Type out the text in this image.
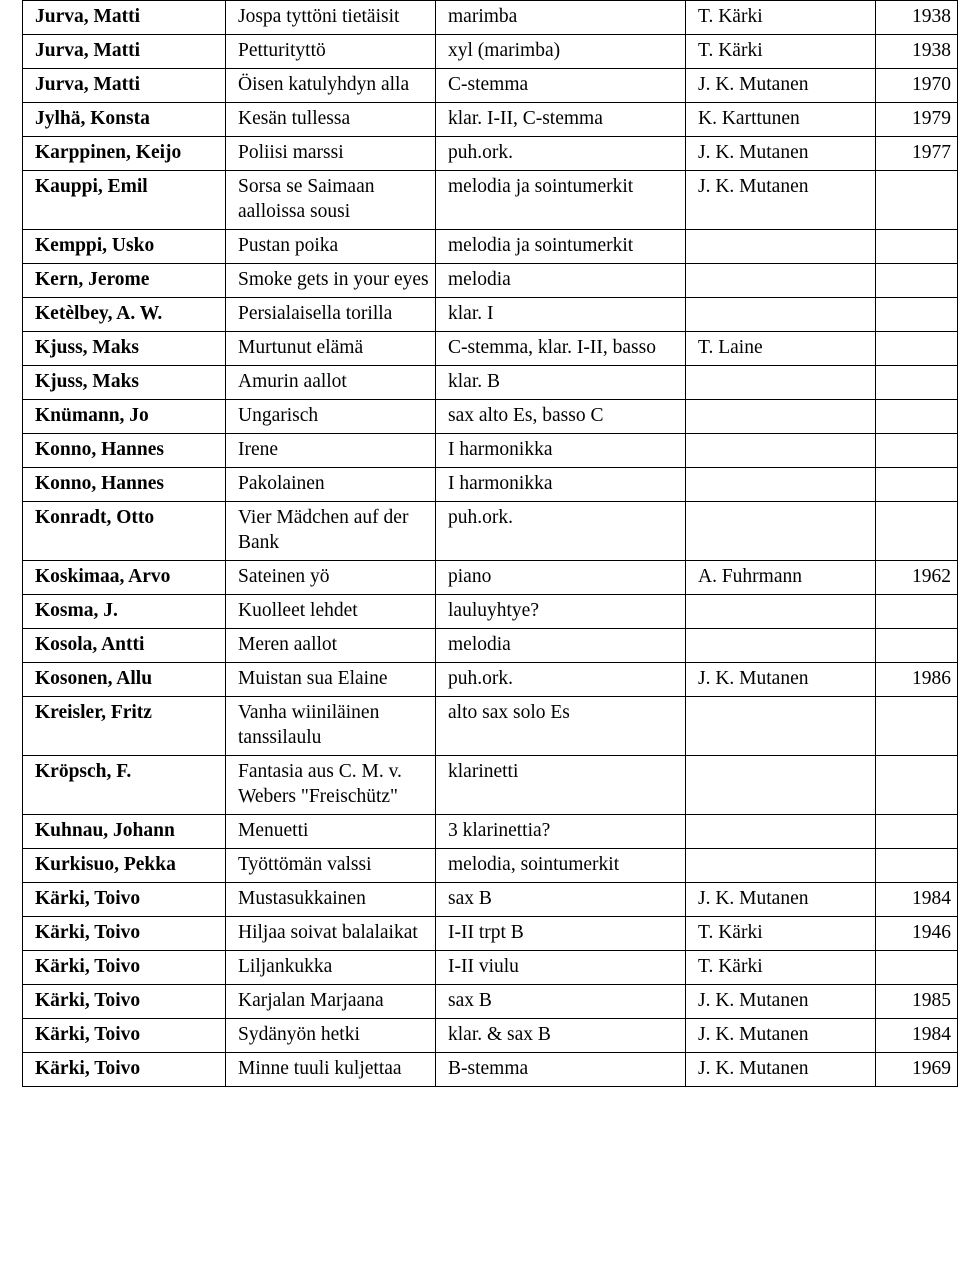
Jurva, Matti	Jospa tyttöni tietäisit	marimba	T. Kärki	1938
Jurva, Matti	Petturityttö	xyl (marimba)	T. Kärki	1938
Jurva, Matti	Öisen katulyhdyn alla	C-stemma	J. K. Mutanen	1970
Jylhä, Konsta	Kesän tullessa	klar. I-II, C-stemma	K. Karttunen	1979
Karppinen, Keijo	Poliisi marssi	puh.ork.	J. K. Mutanen	1977
Kauppi, Emil	Sorsa se Saimaan aalloissa sousi	melodia ja sointumerkit	J. K. Mutanen	
Kemppi, Usko	Pustan poika	melodia ja sointumerkit		
Kern, Jerome	Smoke gets in your eyes	melodia		
Ketèlbey, A. W.	Persialaisella torilla	klar. I		
Kjuss, Maks	Murtunut elämä	C-stemma, klar. I-II, basso	T. Laine	
Kjuss, Maks	Amurin aallot	klar. B		
Knümann, Jo	Ungarisch	sax alto Es, basso C		
Konno, Hannes	Irene	I harmonikka		
Konno, Hannes	Pakolainen	I harmonikka		
Konradt, Otto	Vier Mädchen auf der Bank	puh.ork.		
Koskimaa, Arvo	Sateinen yö	piano	A. Fuhrmann	1962
Kosma, J.	Kuolleet lehdet	lauluyhtye?		
Kosola, Antti	Meren aallot	melodia		
Kosonen, Allu	Muistan sua Elaine	puh.ork.	J. K. Mutanen	1986
Kreisler, Fritz	Vanha wiiniläinen tanssilaulu	alto sax solo Es		
Kröpsch, F.	Fantasia aus C. M. v. Webers "Freischütz"	klarinetti		
Kuhnau, Johann	Menuetti	3 klarinettia?		
Kurkisuo, Pekka	Työttömän valssi	melodia, sointumerkit		
Kärki, Toivo	Mustasukkainen	sax B	J. K. Mutanen	1984
Kärki, Toivo	Hiljaa soivat balalaikat	I-II trpt B	T. Kärki	1946
Kärki, Toivo	Liljankukka	I-II viulu	T. Kärki	
Kärki, Toivo	Karjalan Marjaana	sax B	J. K. Mutanen	1985
Kärki, Toivo	Sydänyön hetki	klar. & sax B	J. K. Mutanen	1984
Kärki, Toivo	Minne tuuli kuljettaa	B-stemma	J. K. Mutanen	1969
